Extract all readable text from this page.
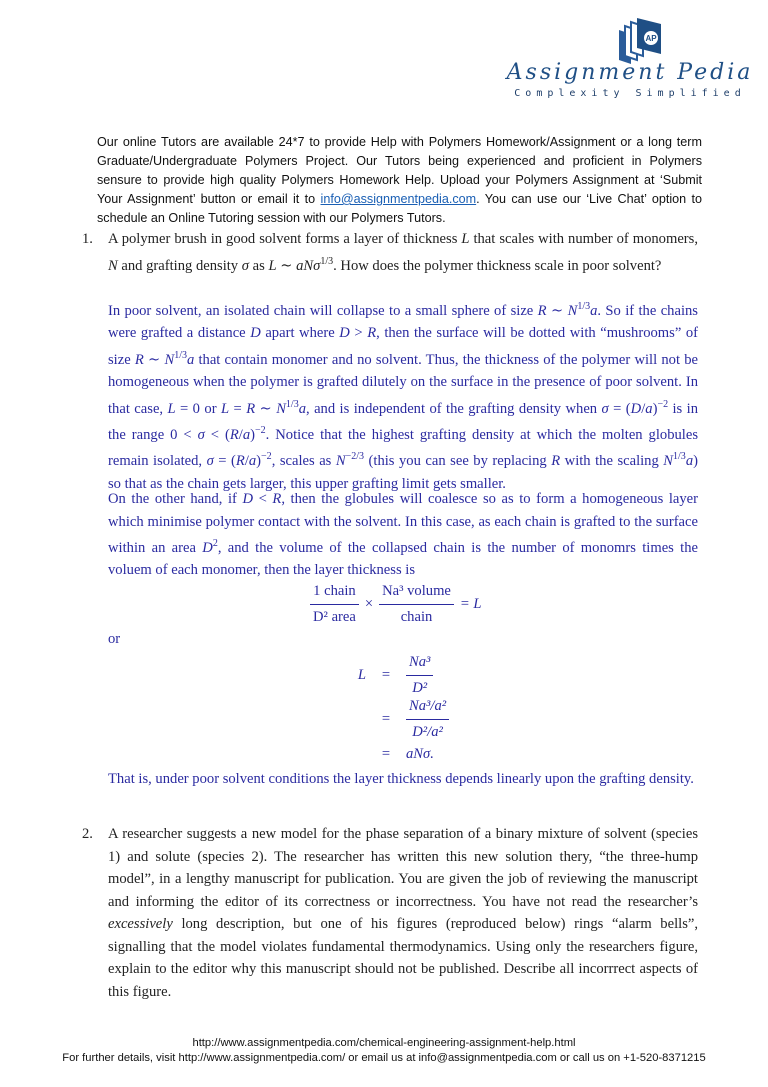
AP
Assignment Pedia
Complexity Simplified
Our online Tutors are available 24*7 to provide Help with Polymers Homework/Assignment or a long term Graduate/Undergraduate Polymers Project. Our Tutors being experienced and proficient in Polymers sensure to provide high quality Polymers Homework Help. Upload your Polymers Assignment at ‘Submit Your Assignment’ button or email it to info@assignmentpedia.com. You can use our ‘Live Chat’ option to schedule an Online Tutoring session with our Polymers Tutors.
1. A polymer brush in good solvent forms a layer of thickness L that scales with number of monomers, N and grafting density σ as L ∼ aNσ$^{1/3}$. How does the polymer thickness scale in poor solvent?
In poor solvent, an isolated chain will collapse to a small sphere of size R ∼ $N^{1/3}a$. So if the chains were grafted a distance D apart where D > R, then the surface will be dotted with “mushrooms” of size R ∼ $N^{1/3}a$ that contain monomer and no solvent. Thus, the thickness of the polymer will not be homogeneous when the polymer is grafted dilutely on the surface in the presence of poor solvent. In that case, L = 0 or L = R ∼ $N^{1/3}a$, and is independent of the grafting density when $\sigma = (D/a)^{-2}$ is in the range $0 < \sigma < (R/a)^{-2}$. Notice that the highest grafting density at which the molten globules remain isolated, $\sigma = (R/a)^{-2}$, scales as $N^{-2/3}$ (this you can see by replacing R with the scaling $N^{1/3}a$) so that as the chain gets larger, this upper grafting limit gets smaller.
On the other hand, if D < R, then the globules will coalesce so as to form a homogeneous layer which minimise polymer contact with the solvent. In this case, as each chain is grafted to the surface within an area $D^2$, and the volume of the collapsed chain is the number of monomrs times the voluem of each monomer, then the layer thickness is
$\frac{\text{1 chain}}{\text{D² area}} \times \frac{\text{Na³ volume}}{\text{chain}} = L$
or
L	=	$\frac{\text{Na³}}{\text{D²}}$
=	$\frac{\text{Na³/a²}}{\text{D²/a²}}$
=	aNσ.
That is, under poor solvent conditions the layer thickness depends linearly upon the grafting density.
2. A researcher suggests a new model for the phase separation of a binary mixture of solvent (species 1) and solute (species 2). The researcher has written this new solution thery, “the three-hump model”, in a lengthy manuscript for publication. You are given the job of reviewing the manuscript and informing the editor of its correctness or incorrectness. You have not read the researcher’s excessively long description, but one of his figures (reproduced below) rings “alarm bells”, signalling that the model violates fundamental thermodynamics. Using only the researchers figure, explain to the editor why this manuscript should not be published. Describe all incorrrect aspects of this figure.
http://www.assignmentpedia.com/chemical-engineering-assignment-help.html
For further details, visit http://www.assignmentpedia.com/ or email us at info@assignmentpedia.com or call us on +1-520-8371215
